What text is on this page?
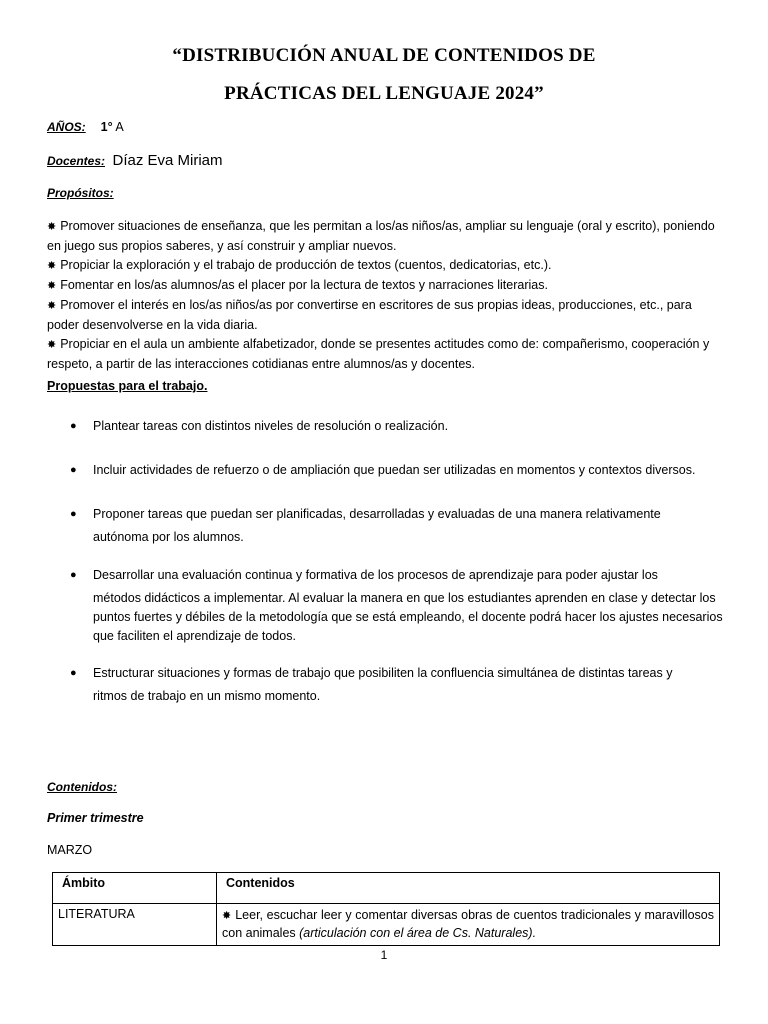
“DISTRIBUCIÓN ANUAL DE CONTENIDOS DE
PRÁCTICAS DEL LENGUAJE 2024”
AÑOS: 1° A
Docentes: Díaz Eva Miriam
Propósitos:

✸ Promover situaciones de enseñanza, que les permitan a los/as niños/as, ampliar su lenguaje (oral y escrito), poniendo en juego sus propios saberes, y así construir y ampliar nuevos.

✸ Propiciar la exploración y el trabajo de producción de textos (cuentos, dedicatorias, etc.).

✸ Fomentar en los/as alumnos/as el placer por la lectura de textos y narraciones literarias.

✸ Promover el interés en los/as niños/as por convertirse en escritores de sus propias ideas, producciones, etc., para poder desenvolverse en la vida diaria.

✸ Propiciar en el aula un ambiente alfabetizador, donde se presentes actitudes como de: compañerismo, cooperación y respeto, a partir de las interacciones cotidianas entre alumnos/as y docentes.

Propuestas para el trabajo.
● Plantear tareas con distintos niveles de resolución o realización.
● Incluir actividades de refuerzo o de ampliación que puedan ser utilizadas en momentos y contextos diversos.
● Proponer tareas que puedan ser planificadas, desarrolladas y evaluadas de una manera relativamente
autónoma por los alumnos.
● Desarrollar una evaluación continua y formativa de los procesos de aprendizaje para poder ajustar los
métodos didácticos a implementar. Al evaluar la manera en que los estudiantes aprenden en clase y detectar los puntos fuertes y débiles de la metodología que se está empleando, el docente podrá hacer los ajustes necesarios que faciliten el aprendizaje de todos.
● Estructurar situaciones y formas de trabajo que posibiliten la confluencia simultánea de distintas tareas y
ritmos de trabajo en un mismo momento.
Contenidos:
Primer trimestre
MARZO
Ámbito	Contenidos
LITERATURA	✸ Leer, escuchar leer y comentar diversas obras de cuentos tradicionales y maravillosos con animales (articulación con el área de Cs. Naturales).
1
